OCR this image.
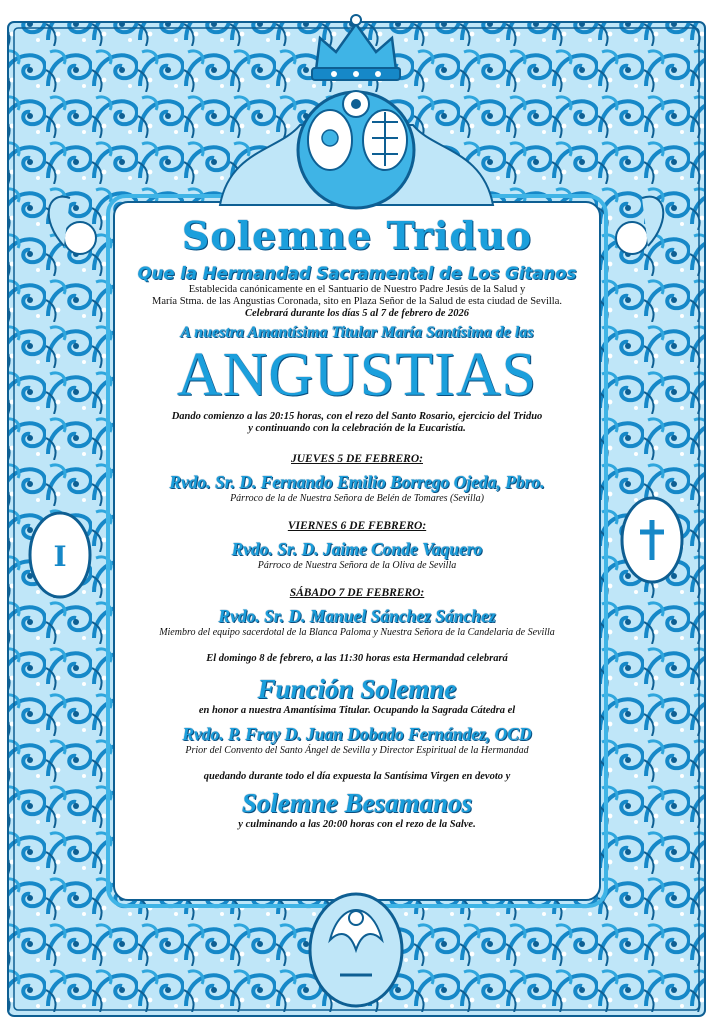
I
Solemne Triduo
Que la Hermandad Sacramental de Los Gitanos
Establecida canónicamente en el Santuario de Nuestro Padre Jesús de la Salud y
María Stma. de las Angustias Coronada, sito en Plaza Señor de la Salud de esta ciudad de Sevilla.
Celebrará durante los días 5 al 7 de febrero de 2026
A nuestra Amantísima Titular María Santísima de las
ANGUSTIAS
Dando comienzo a las 20:15 horas, con el rezo del Santo Rosario, ejercicio del Triduo
y continuando con la celebración de la Eucaristía.
JUEVES 5 DE FEBRERO:
Rvdo. Sr. D. Fernando Emilio Borrego Ojeda, Pbro.
Párroco de la de Nuestra Señora de Belén de Tomares (Sevilla)
VIERNES 6 DE FEBRERO:
Rvdo. Sr. D. Jaime Conde Vaquero
Párroco de Nuestra Señora de la Oliva de Sevilla
SÁBADO 7 DE FEBRERO:
Rvdo. Sr. D. Manuel Sánchez Sánchez
Miembro del equipo sacerdotal de la Blanca Paloma y Nuestra Señora de la Candelaria de Sevilla
El domingo 8 de febrero, a las 11:30 horas esta Hermandad celebrará
Función Solemne
en honor a nuestra Amantísima Titular. Ocupando la Sagrada Cátedra el
Rvdo. P. Fray D. Juan Dobado Fernández, OCD
Prior del Convento del Santo Ángel de Sevilla y Director Espiritual de la Hermandad
quedando durante todo el día expuesta la Santísima Virgen en devoto y
Solemne Besamanos
y culminando a las 20:00 horas con el rezo de la Salve.
